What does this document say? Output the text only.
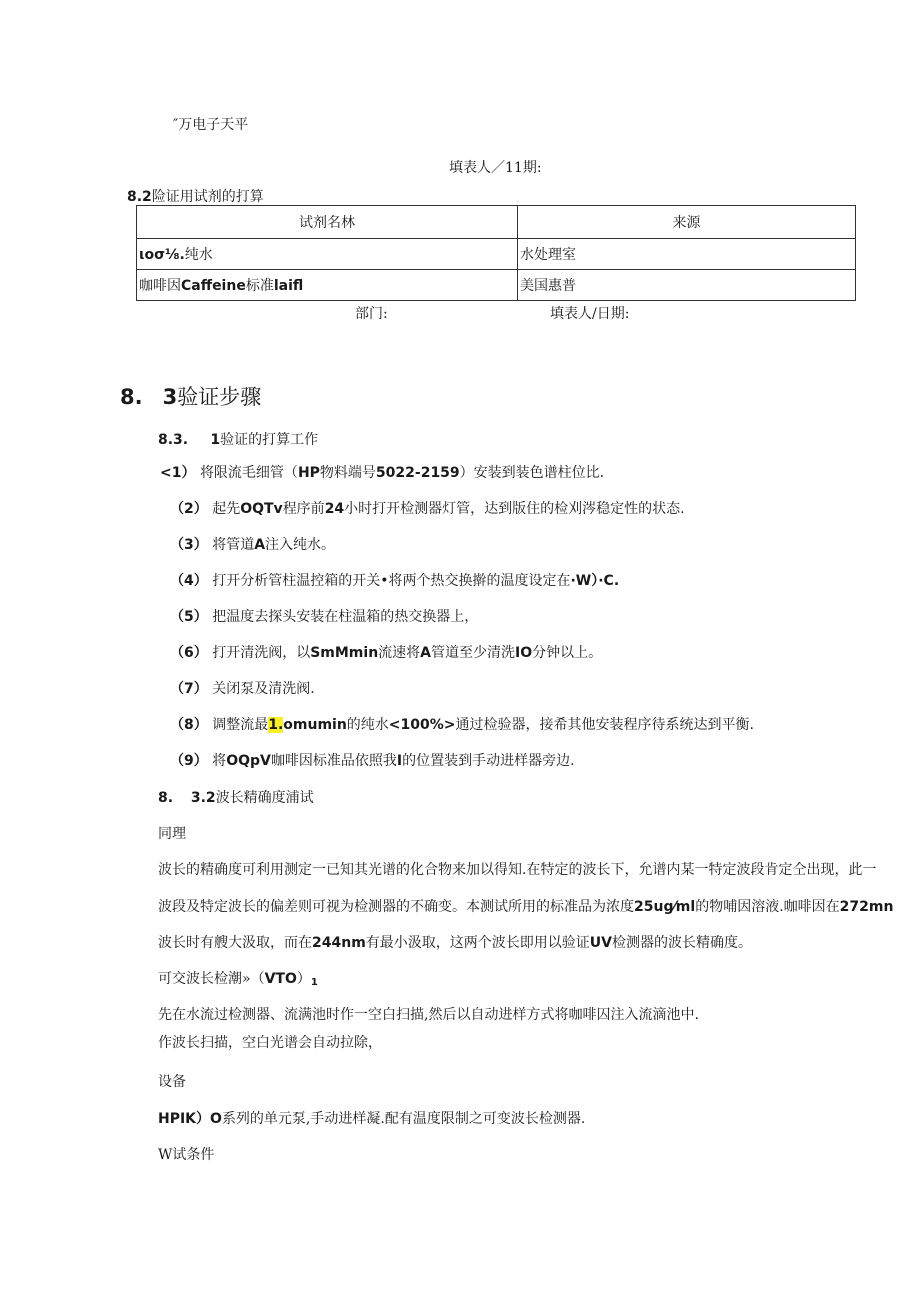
″万电子天平
填表人／11期:
8.2险证用试剂的打算
试剂名林	来源
ιoσ⅛.纯水	水处理室
咖啡因Caffeine标准laifl	美国惠普
部门:	填表人/日期:
8. 3验证步骤
8.3. 1验证的打算工作
<1） 将限流毛细管（HP物料端号5022-2159）安装到装色谱柱位比.
（2） 起先OQTv程序前24小时打开检测器灯管，达到版住的检刈涔稳定性的状态.
（3） 将管道A注入纯水。
（4） 打开分析管柱温控箱的开关•将两个热交换擀的温度设定在·W）·C.
（5） 把温度去探头安装在柱温箱的热交换器上，
（6） 打开清洗阀，以SmMmin流速将A管道至少清洗IO分钟以上。
（7） 关闭泵及清洗阀.
（8） 调整流最1.omumin的纯水<100%>通过检验器，接希其他安装程序待系统达到平衡.
（9） 将OQpV咖啡因标准品依照我I的位置装到手动进样器旁边.
8. 3.2波长精确度浦试
同理
波长的精确度可利用测定一已知其光谱的化合物来加以得知.在特定的波长下，允谱内某一特定波段肯定仝出现，此一
波段及特定波长的偏差则可视为检测器的不确变。本测试所用的标准品为浓度25ug⁄ml的物哺因溶液.咖啡因在272mn
波长时有艘大汲取，而在244nm有最小汲取，这两个波长即用以验证UV检测器的波长精确度。
可交波长检潮$»(VTO)_1$
先在水流过检测器、流满池时作一空白扫描,然后以自动进样方式将咖啡囚注入流滴池中.
作波长扫描，空白光谱会自动拉除，
设备
HPIK）O系列的单元泵,手动进样凝.配有温度限制之可变波长检测器.
W试条件
